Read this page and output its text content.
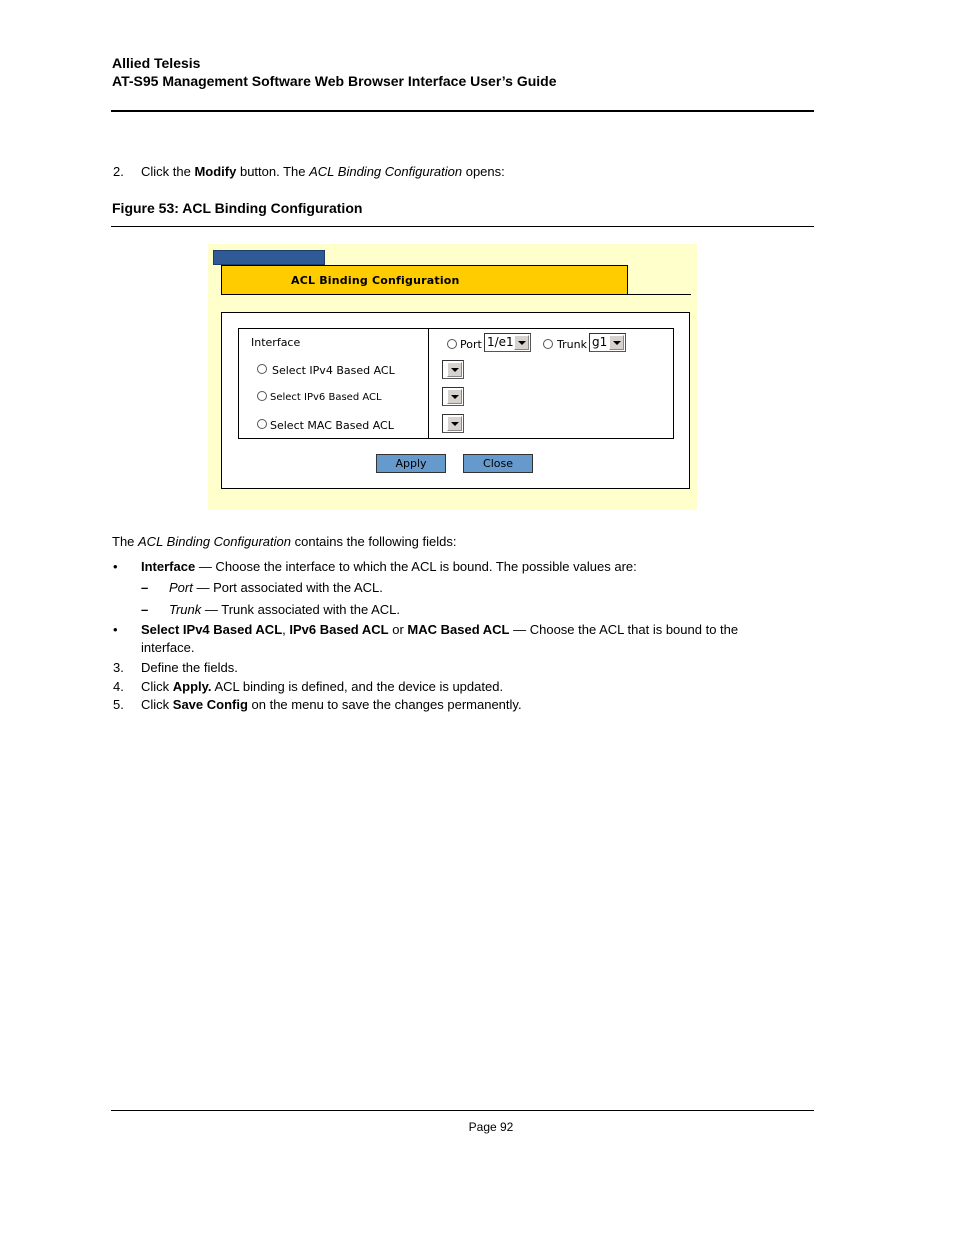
Allied Telesis
AT-S95 Management Software Web Browser Interface User’s Guide
2. Click the Modify button. The ACL Binding Configuration opens:
Figure 53: ACL Binding Configuration
ACL Binding Configuration
Interface
Select IPv4 Based ACL
Select IPv6 Based ACL
Select MAC Based ACL
Port 1/e1	Trunk g1
Apply	Close
The ACL Binding Configuration contains the following fields:
• Interface — Choose the interface to which the ACL is bound. The possible values are:
– Port — Port associated with the ACL.
– Trunk — Trunk associated with the ACL.
• Select IPv4 Based ACL, IPv6 Based ACL or MAC Based ACL — Choose the ACL that is bound to the
interface.
3. Define the fields.
4. Click Apply. ACL binding is defined, and the device is updated.
5. Click Save Config on the menu to save the changes permanently.
Page 92
